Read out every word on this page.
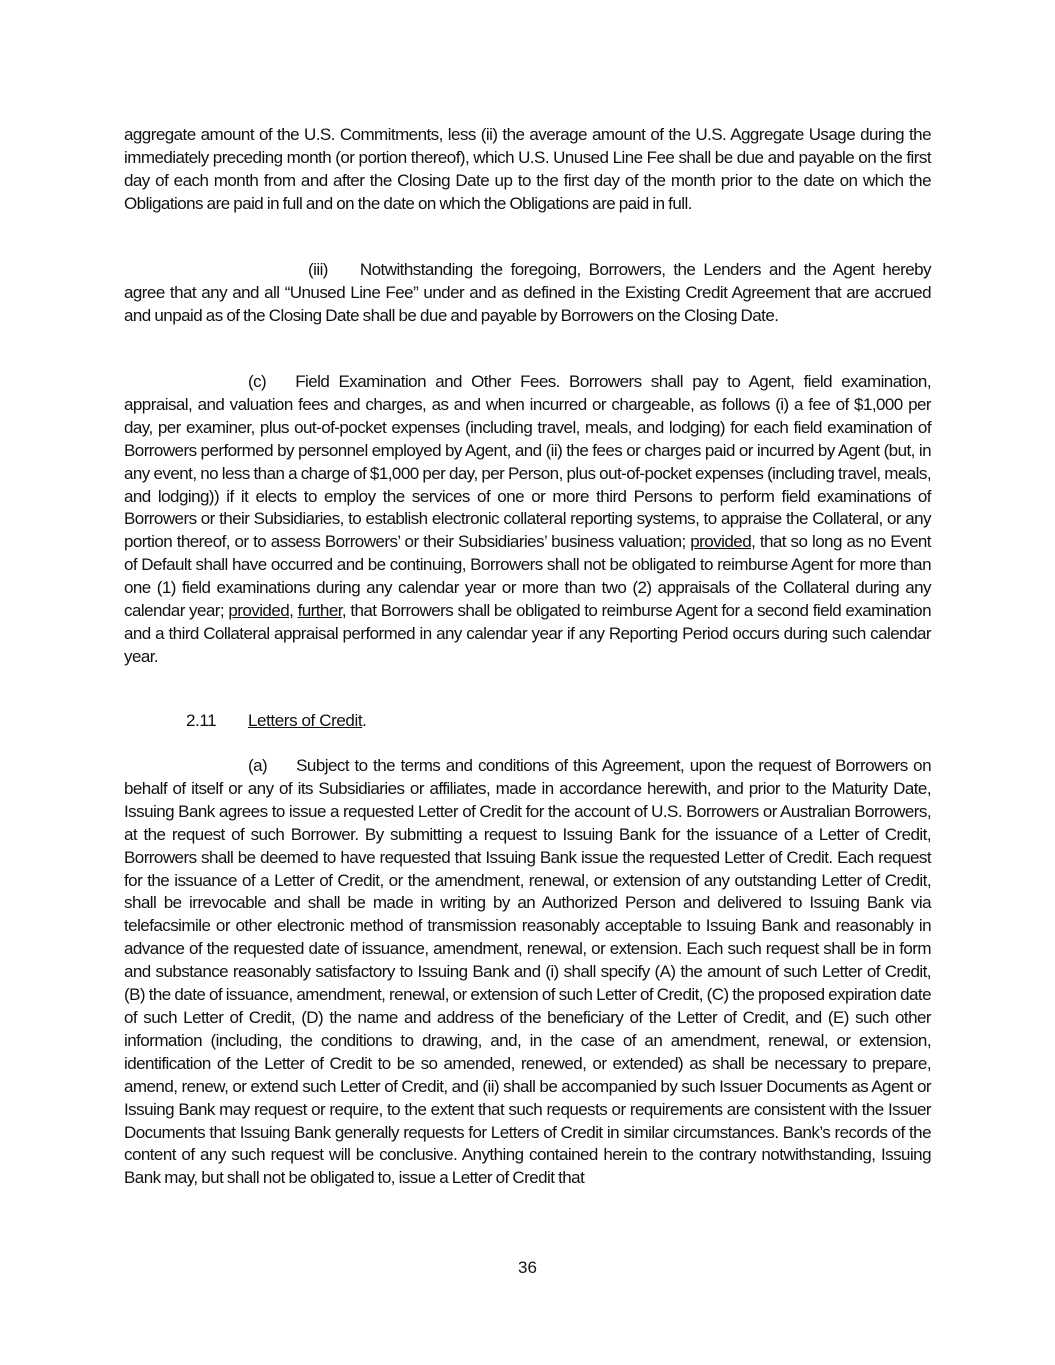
aggregate amount of the U.S. Commitments, less (ii) the average amount of the U.S. Aggregate Usage during the immediately preceding month (or portion thereof), which U.S. Unused Line Fee shall be due and payable on the first day of each month from and after the Closing Date up to the first day of the month prior to the date on which the Obligations are paid in full and on the date on which the Obligations are paid in full.

(iii) Notwithstanding the foregoing, Borrowers, the Lenders and the Agent hereby agree that any and all “Unused Line Fee” under and as defined in the Existing Credit Agreement that are accrued and unpaid as of the Closing Date shall be due and payable by Borrowers on the Closing Date.

(c) Field Examination and Other Fees. Borrowers shall pay to Agent, field examination, appraisal, and valuation fees and charges, as and when incurred or chargeable, as follows (i) a fee of $1,000 per day, per examiner, plus out-of-pocket expenses (including travel, meals, and lodging) for each field examination of Borrowers performed by personnel employed by Agent, and (ii) the fees or charges paid or incurred by Agent (but, in any event, no less than a charge of $1,000 per day, per Person, plus out-of-pocket expenses (including travel, meals, and lodging)) if it elects to employ the services of one or more third Persons to perform field examinations of Borrowers or their Subsidiaries, to establish electronic collateral reporting systems, to appraise the Collateral, or any portion thereof, or to assess Borrowers’ or their Subsidiaries’ business valuation; provided, that so long as no Event of Default shall have occurred and be continuing, Borrowers shall not be obligated to reimburse Agent for more than one (1) field examinations during any calendar year or more than two (2) appraisals of the Collateral during any calendar year; provided, further, that Borrowers shall be obligated to reimburse Agent for a second field examination and a third Collateral appraisal performed in any calendar year if any Reporting Period occurs during such calendar year.

2.11 Letters of Credit.

(a) Subject to the terms and conditions of this Agreement, upon the request of Borrowers on behalf of itself or any of its Subsidiaries or affiliates, made in accordance herewith, and prior to the Maturity Date, Issuing Bank agrees to issue a requested Letter of Credit for the account of U.S. Borrowers or Australian Borrowers, at the request of such Borrower. By submitting a request to Issuing Bank for the issuance of a Letter of Credit, Borrowers shall be deemed to have requested that Issuing Bank issue the requested Letter of Credit. Each request for the issuance of a Letter of Credit, or the amendment, renewal, or extension of any outstanding Letter of Credit, shall be irrevocable and shall be made in writing by an Authorized Person and delivered to Issuing Bank via telefacsimile or other electronic method of transmission reasonably acceptable to Issuing Bank and reasonably in advance of the requested date of issuance, amendment, renewal, or extension. Each such request shall be in form and substance reasonably satisfactory to Issuing Bank and (i) shall specify (A) the amount of such Letter of Credit, (B) the date of issuance, amendment, renewal, or extension of such Letter of Credit, (C) the proposed expiration date of such Letter of Credit, (D) the name and address of the beneficiary of the Letter of Credit, and (E) such other information (including, the conditions to drawing, and, in the case of an amendment, renewal, or extension, identification of the Letter of Credit to be so amended, renewed, or extended) as shall be necessary to prepare, amend, renew, or extend such Letter of Credit, and (ii) shall be accompanied by such Issuer Documents as Agent or Issuing Bank may request or require, to the extent that such requests or requirements are consistent with the Issuer Documents that Issuing Bank generally requests for Letters of Credit in similar circumstances. Bank’s records of the content of any such request will be conclusive. Anything contained herein to the contrary notwithstanding, Issuing Bank may, but shall not be obligated to, issue a Letter of Credit that

36
